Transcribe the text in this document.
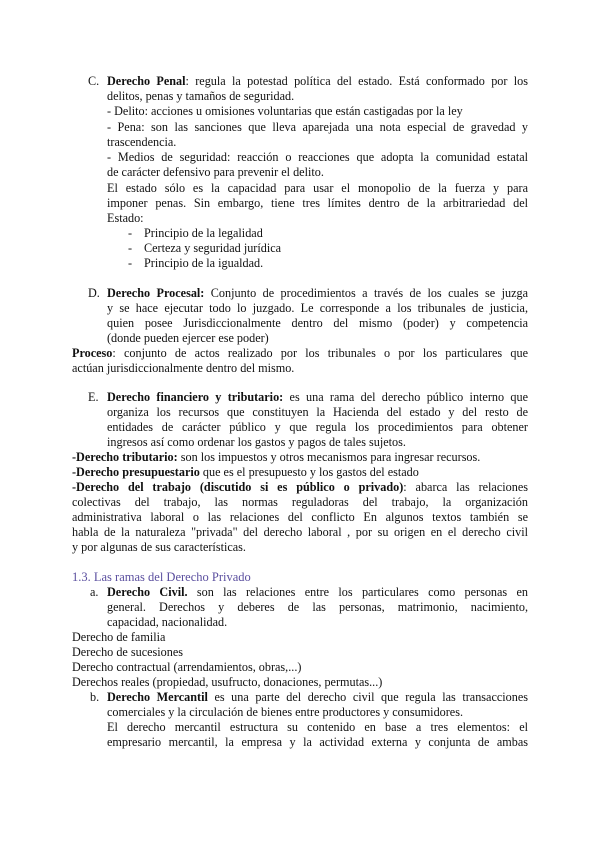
C. Derecho Penal: regula la potestad política del estado. Está conformado por los
delitos, penas y tamaños de seguridad.
- Delito: acciones u omisiones voluntarias que están castigadas por la ley
- Pena: son las sanciones que lleva aparejada una nota especial de gravedad y
trascendencia.
- Medios de seguridad: reacción o reacciones que adopta la comunidad estatal
de carácter defensivo para prevenir el delito.
El estado sólo es la capacidad para usar el monopolio de la fuerza y para
imponer penas. Sin embargo, tiene tres límites dentro de la arbitrariedad del
Estado:
- Principio de la legalidad
- Certeza y seguridad jurídica
- Principio de la igualdad.
D. Derecho Procesal: Conjunto de procedimientos a través de los cuales se juzga
y se hace ejecutar todo lo juzgado. Le corresponde a los tribunales de justicia,
quien posee Jurisdiccionalmente dentro del mismo (poder) y competencia
(donde pueden ejercer ese poder)
Proceso: conjunto de actos realizado por los tribunales o por los particulares que
actúan jurisdiccionalmente dentro del mismo.
E. Derecho financiero y tributario: es una rama del derecho público interno que
organiza los recursos que constituyen la Hacienda del estado y del resto de
entidades de carácter público y que regula los procedimientos para obtener
ingresos así como ordenar los gastos y pagos de tales sujetos.
-Derecho tributario: son los impuestos y otros mecanismos para ingresar recursos.
-Derecho presupuestario que es el presupuesto y los gastos del estado
-Derecho del trabajo (discutido si es público o privado): abarca las relaciones
colectivas del trabajo, las normas reguladoras del trabajo, la organización
administrativa laboral o las relaciones del conflicto En algunos textos también se
habla de la naturaleza "privada" del derecho laboral , por su origen en el derecho civil
y por algunas de sus características.
1.3. Las ramas del Derecho Privado
a. Derecho Civil. son las relaciones entre los particulares como personas en
general. Derechos y deberes de las personas, matrimonio, nacimiento,
capacidad, nacionalidad.
Derecho de familia
Derecho de sucesiones
Derecho contractual (arrendamientos, obras,...)
Derechos reales (propiedad, usufructo, donaciones, permutas...)
b. Derecho Mercantil es una parte del derecho civil que regula las transacciones
comerciales y la circulación de bienes entre productores y consumidores.
El derecho mercantil estructura su contenido en base a tres elementos: el
empresario mercantil, la empresa y la actividad externa y conjunta de ambas
